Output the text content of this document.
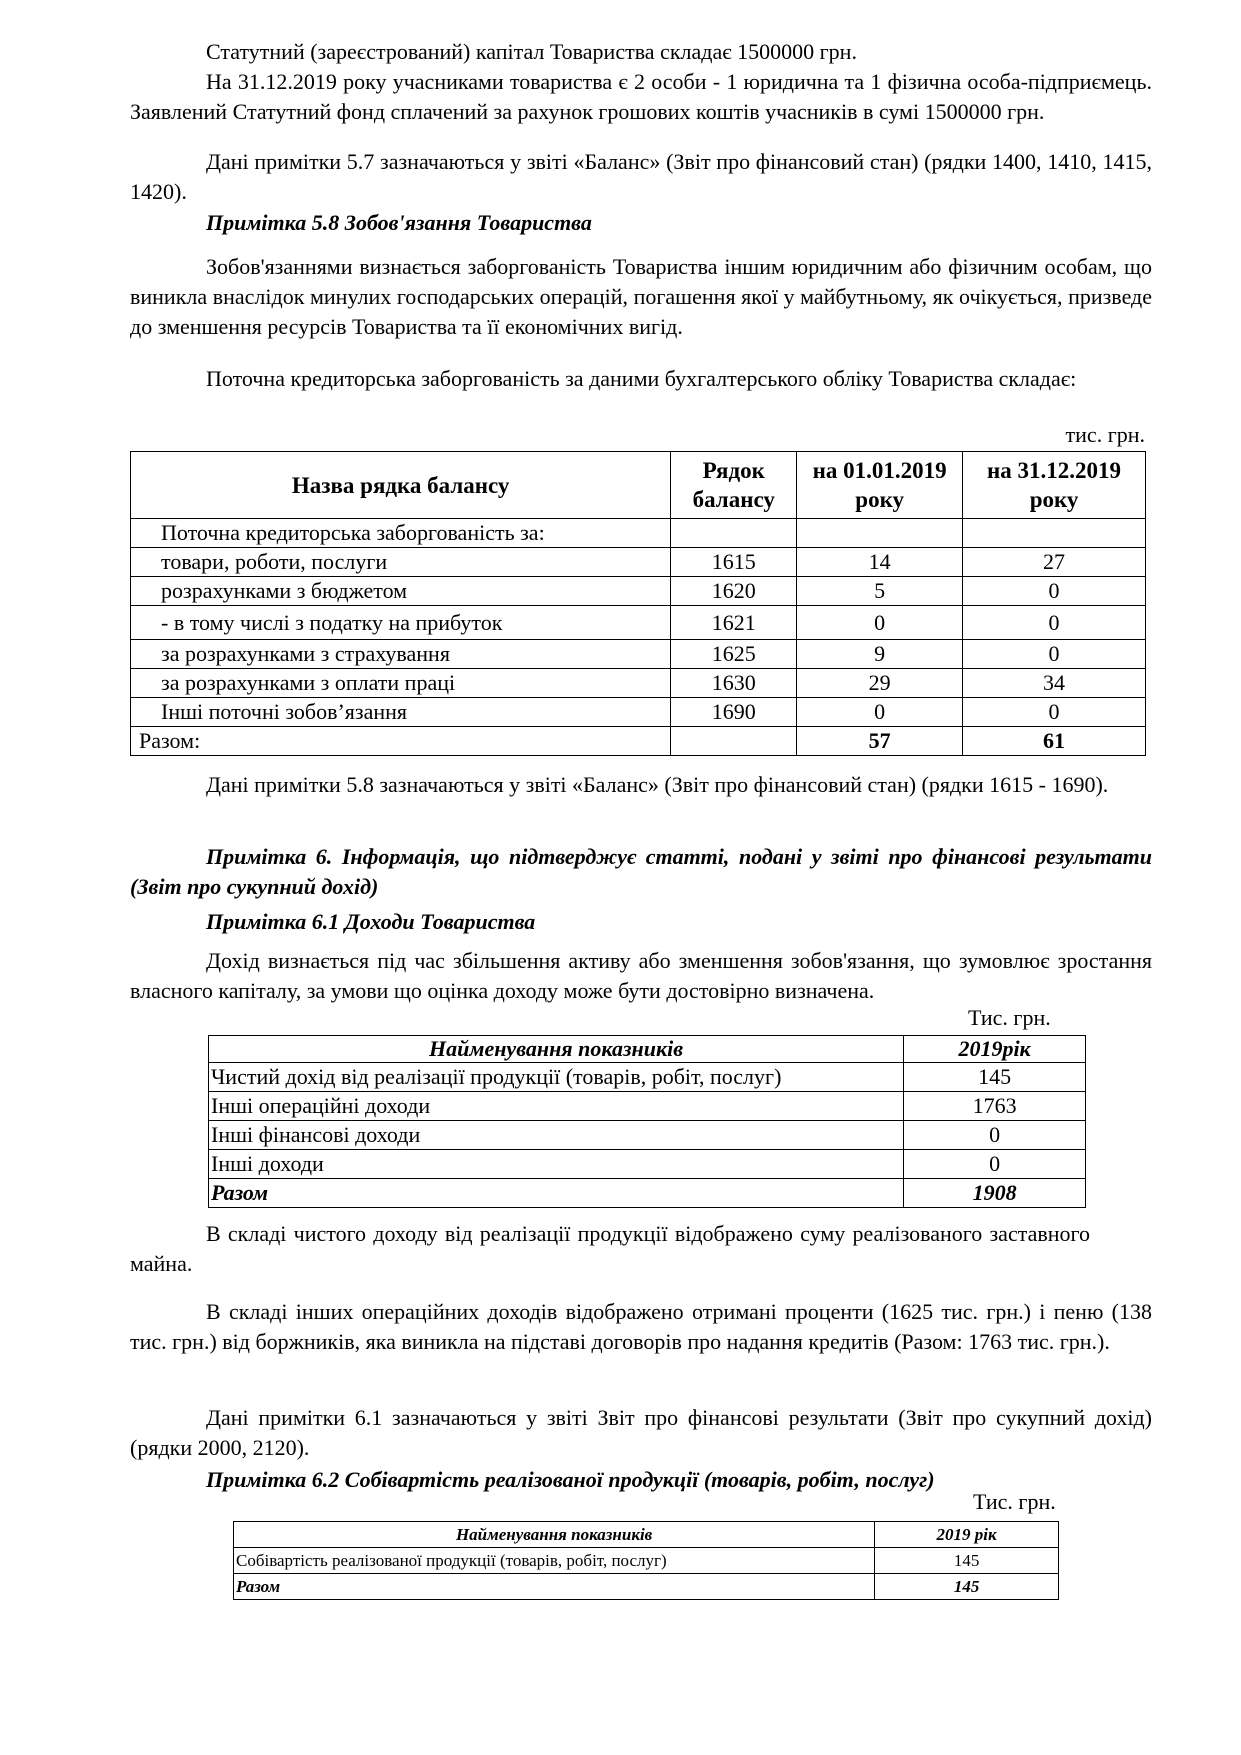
Статутний (зареєстрований) капітал Товариства складає 1500000 грн.

На 31.12.2019 року учасниками товариства є 2 особи - 1 юридична та 1 фізична особа-підприємець. Заявлений Статутний фонд сплачений за рахунок грошових коштів учасників в сумі 1500000 грн.

Дані примітки 5.7 зазначаються у звіті «Баланс» (Звіт про фінансовий стан) (рядки 1400, 1410, 1415, 1420).

Примітка 5.8 Зобов'язання Товариства

Зобов'язаннями визнається заборгованість Товариства іншим юридичним або фізичним особам, що виникла внаслідок минулих господарських операцій, погашення якої у майбутньому, як очікується, призведе до зменшення ресурсів Товариства та її економічних вигід.

Поточна кредиторська заборгованість за даними бухгалтерського обліку Товариства складає:

тис. грн.
Назва рядка балансу	Рядок балансу	на 01.01.2019 року	на 31.12.2019 року
Поточна кредиторська заборгованість за:			
товари, роботи, послуги	1615	14	27
розрахунками з бюджетом	1620	5	0
- в тому числі з податку на прибуток	1621	0	0
за розрахунками з страхування	1625	9	0
за розрахунками з оплати праці	1630	29	34
Інші поточні зобов’язання	1690	0	0
Разом:		57	61

Дані примітки 5.8 зазначаються у звіті «Баланс» (Звіт про фінансовий стан) (рядки 1615 - 1690).

Примітка 6. Інформація, що підтверджує статті, подані у звіті про фінансові результати (Звіт про сукупний дохід)

Примітка 6.1 Доходи Товариства

Дохід визнається під час збільшення активу або зменшення зобов'язання, що зумовлює зростання власного капіталу, за умови що оцінка доходу може бути достовірно визначена.

Тис. грн.
Найменування показників	2019рік
Чистий дохід від реалізації продукції (товарів, робіт, послуг)	145
Інші операційні доходи	1763
Інші фінансові доходи	0
Інші доходи	0
Разом	1908

В складі чистого доходу від реалізації продукції відображено суму реалізованого заставного майна.

В складі інших операційних доходів відображено отримані проценти (1625 тис. грн.) і пеню (138 тис. грн.) від боржників, яка виникла на підставі договорів про надання кредитів (Разом: 1763 тис. грн.).

Дані примітки 6.1 зазначаються у звіті Звіт про фінансові результати (Звіт про сукупний дохід) (рядки 2000, 2120).

Примітка 6.2 Собівартість реалізованої продукції (товарів, робіт, послуг)

Тис. грн.
Найменування показників	2019 рік
Собівартість реалізованої продукції (товарів, робіт, послуг)	145
Разом	145
